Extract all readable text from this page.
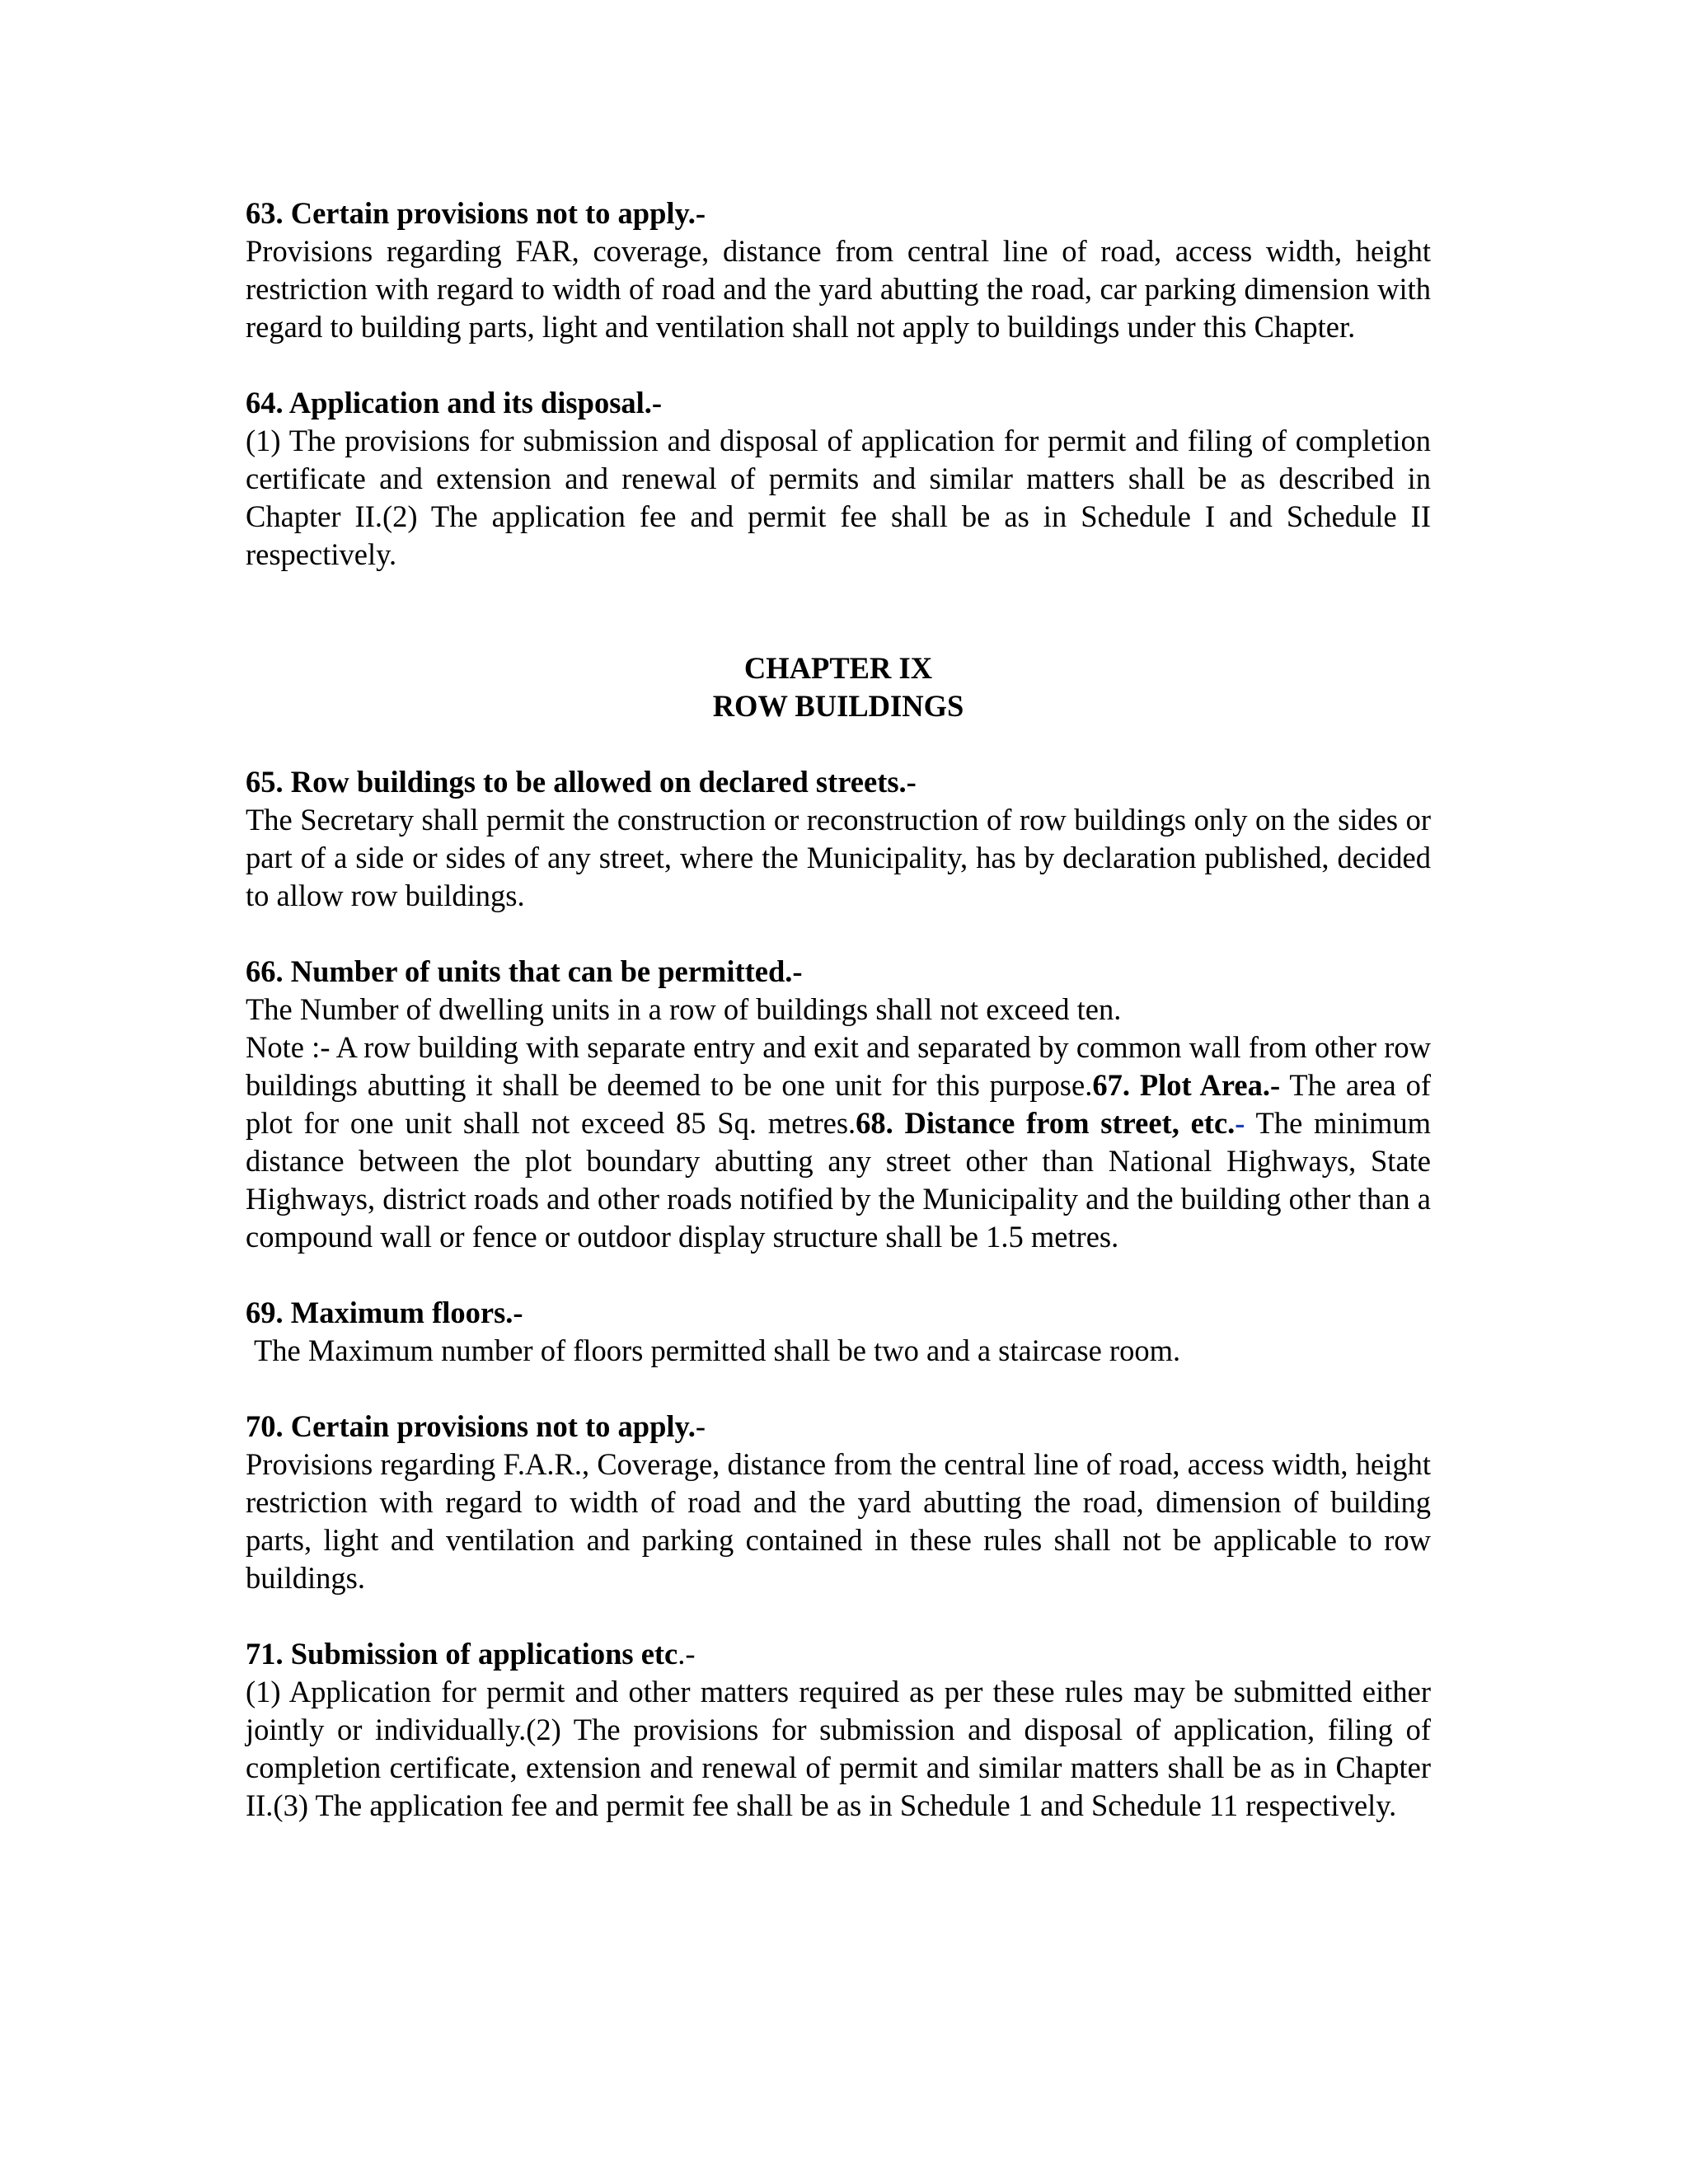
63. Certain provisions not to apply.-
Provisions regarding FAR, coverage, distance from central line of road, access width, height restriction with regard to width of road and the yard abutting the road, car parking dimension with regard to building parts, light and ventilation shall not apply to buildings under this Chapter.
64. Application and its disposal.-
(1) The provisions for submission and disposal of application for permit and filing of completion certificate and extension and renewal of permits and similar matters shall be as described in Chapter II.(2) The application fee and permit fee shall be as in Schedule I and Schedule II respectively.
CHAPTER IX
ROW BUILDINGS
65. Row buildings to be allowed on declared streets.-
The Secretary shall permit the construction or reconstruction of row buildings only on the sides or part of a side or sides of any street, where the Municipality, has by declaration published, decided to allow row buildings.
66. Number of units that can be permitted.-
The Number of dwelling units in a row of buildings shall not exceed ten.

Note :- A row building with separate entry and exit and separated by common wall from other row buildings abutting it shall be deemed to be one unit for this purpose.67. Plot Area.- The area of plot for one unit shall not exceed 85 Sq. metres.68. Distance from street, etc.- The minimum distance between the plot boundary abutting any street other than National Highways, State Highways, district roads and other roads notified by the Municipality and the building other than a compound wall or fence or outdoor display structure shall be 1.5 metres.

69. Maximum floors.-
The Maximum number of floors permitted shall be two and a staircase room.
70. Certain provisions not to apply.-
Provisions regarding F.A.R., Coverage, distance from the central line of road, access width, height restriction with regard to width of road and the yard abutting the road, dimension of building parts, light and ventilation and parking contained in these rules shall not be applicable to row buildings.
71. Submission of applications etc.-
(1) Application for permit and other matters required as per these rules may be submitted either jointly or individually.(2) The provisions for submission and disposal of application, filing of completion certificate, extension and renewal of permit and similar matters shall be as in Chapter II.(3) The application fee and permit fee shall be as in Schedule 1 and Schedule 11 respectively.
